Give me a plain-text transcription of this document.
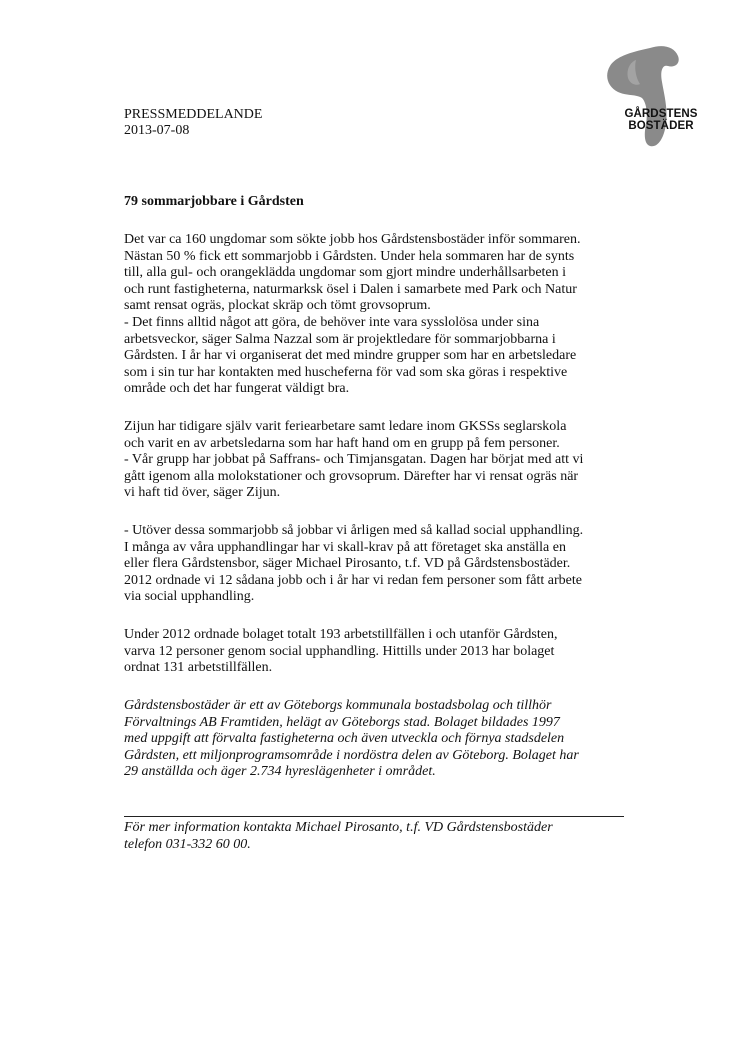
GÅRDSTENS
BOSTÄDER
PRESSMEDDELANDE
2013-07-08
79 sommarjobbare i Gårdsten
Det var ca 160 ungdomar som sökte jobb hos Gårdstensbostäder inför sommaren.
Nästan 50 % fick ett sommarjobb i Gårdsten. Under hela sommaren har de synts
till, alla gul- och orangeklädda ungdomar som gjort mindre underhållsarbeten i
och runt fastigheterna, naturmarksk ösel i Dalen i samarbete med Park och Natur
samt rensat ogräs, plockat skräp och tömt grovsoprum.
- Det finns alltid något att göra, de behöver inte vara sysslolösa under sina
arbetsveckor, säger Salma Nazzal som är projektledare för sommarjobbarna i
Gårdsten. I år har vi organiserat det med mindre grupper som har en arbetsledare
som i sin tur har kontakten med huscheferna för vad som ska göras i respektive
område och det har fungerat väldigt bra.
Zijun har tidigare själv varit feriearbetare samt ledare inom GKSSs seglarskola
och varit en av arbetsledarna som har haft hand om en grupp på fem personer.
- Vår grupp har jobbat på Saffrans- och Timjansgatan. Dagen har börjat med att vi
gått igenom alla molokstationer och grovsoprum. Därefter har vi rensat ogräs när
vi haft tid över, säger Zijun.
- Utöver dessa sommarjobb så jobbar vi årligen med så kallad social upphandling.
I många av våra upphandlingar har vi skall-krav på att företaget ska anställa en
eller flera Gårdstensbor, säger Michael Pirosanto, t.f. VD på Gårdstensbostäder.
2012 ordnade vi 12 sådana jobb och i år har vi redan fem personer som fått arbete
via social upphandling.
Under 2012 ordnade bolaget totalt 193 arbetstillfällen i och utanför Gårdsten,
varva 12 personer genom social upphandling. Hittills under 2013 har bolaget
ordnat 131 arbetstillfällen.
Gårdstensbostäder är ett av Göteborgs kommunala bostadsbolag och tillhör
Förvaltnings AB Framtiden, helägt av Göteborgs stad. Bolaget bildades 1997
med uppgift att förvalta fastigheterna och även utveckla och förnya stadsdelen
Gårdsten, ett miljonprogramsområde i nordöstra delen av Göteborg. Bolaget har
29 anställda och äger 2.734 hyreslägenheter i området.
För mer information kontakta Michael Pirosanto, t.f. VD Gårdstensbostäder
telefon 031-332 60 00.
